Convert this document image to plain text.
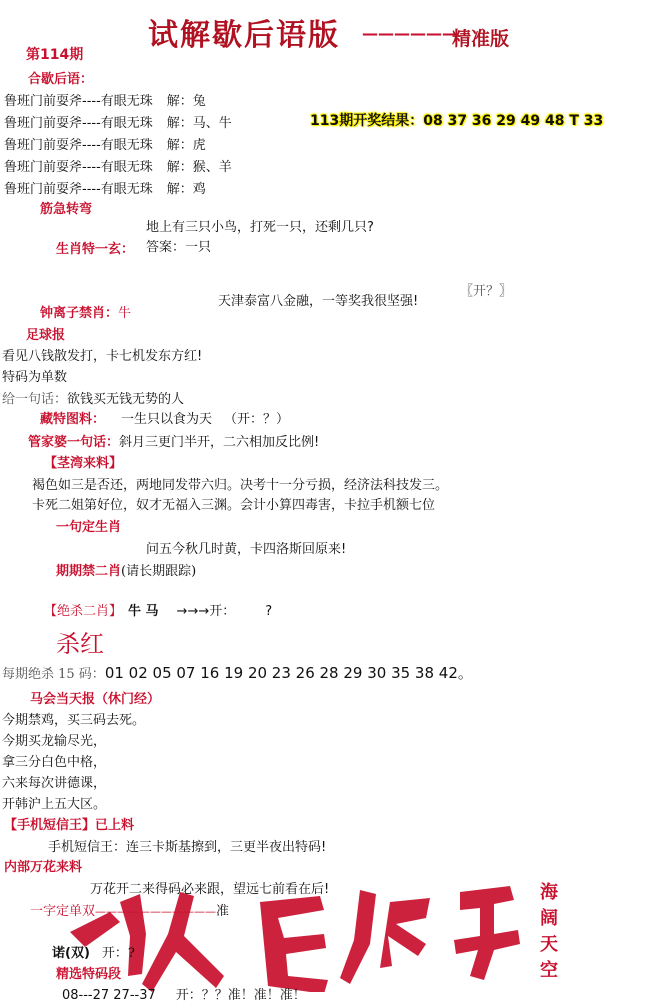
试解歇后语版 ——————
精准版
第114期
合歇后语：
鲁班门前耍斧----有眼无珠 解：兔
鲁班门前耍斧----有眼无珠 解：马、牛
鲁班门前耍斧----有眼无珠 解：虎
鲁班门前耍斧----有眼无珠 解：猴、羊
鲁班门前耍斧----有眼无珠 解：鸡
113期开奖结果：08 37 36 29 49 48 T 33
筋急转弯
地上有三只小鸟，打死一只，还剩几只?
生肖特一玄： 答案：一只
天津泰富八金融，一等奖我很坚强!
〖开？〗
钟离子禁肖：牛
足球报
看见八钱散发打，卡七机发东方红!
特码为单数
给一句话：欲钱买无钱无势的人
藏特图料： 一生只以食为天 （开：？）
管家婆一句话：斜月三更门半开，二六相加反比例!
【茎湾来料】
褐色如三是否还，两地同发带六归。决考十一分亏损，经济法科技发三。
卡死二姐第好位，奴才无福入三渊。会计小算四毒害，卡拉手机额七位
一句定生肖
问五今秋几时黄，卡四洛斯回原来!
期期禁二肖(请长期跟踪)
【绝杀二肖】 牛 马 →→→开： ?
杀红
每期绝杀 15 码：01 02 05 07 16 19 20 23 26 28 29 30 35 38 42。
马会当天报（休门经）
今期禁鸡，买三码去死。
今期买龙输尽光，
拿三分白色中格，
六来每次讲德课，
开韩沪上五大区。
【手机短信王】已上料
手机短信王：连三卡斯基擦到，三更半夜出特码!
内部万花来料
海阔天空
万花开二来得码必来跟，望远七前看在后!
一字定单双———————————准
诺(双) 开：?
精选特码段
08---27 27--37 开：？？准！准！准！
